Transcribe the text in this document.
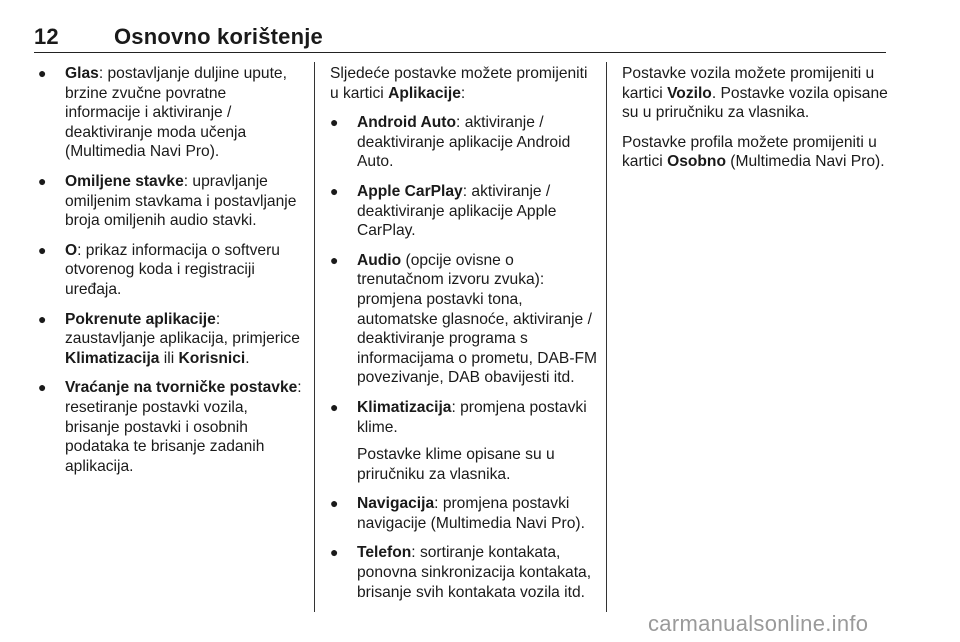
12	Osnovno korištenje
● Glas: postavljanje duljine upute, brzine zvučne povratne informacije i aktiviranje / deaktiviranje moda učenja (Multimedia Navi Pro).
● Omiljene stavke: upravljanje omiljenim stavkama i postavljanje broja omiljenih audio stavki.
● O: prikaz informacija o softveru otvorenog koda i registraciji uređaja.
● Pokrenute aplikacije: zaustavljanje aplikacija, primjerice Klimatizacija ili Korisnici.
● Vraćanje na tvorničke postavke: resetiranje postavki vozila, brisanje postavki i osobnih podataka te brisanje zadanih aplikacija.

Sljedeće postavke možete promijeniti u kartici Aplikacije:

● Android Auto: aktiviranje / deaktiviranje aplikacije Android Auto.
● Apple CarPlay: aktiviranje / deaktiviranje aplikacije Apple CarPlay.
● Audio (opcije ovisne o trenutačnom izvoru zvuka): promjena postavki tona, automatske glasnoće, aktiviranje / deaktiviranje programa s informacijama o prometu, DAB-FM povezivanje, DAB obavijesti itd.
● Klimatizacija: promjena postavki klime.
Postavke klime opisane su u priručniku za vlasnika.
● Navigacija: promjena postavki navigacije (Multimedia Navi Pro).
● Telefon: sortiranje kontakata, ponovna sinkronizacija kontakata, brisanje svih kontakata vozila itd.

Postavke vozila možete promijeniti u kartici Vozilo. Postavke vozila opisane su u priručniku za vlasnika.

Postavke profila možete promijeniti u kartici Osobno (Multimedia Navi Pro).

carmanualsonline.info
